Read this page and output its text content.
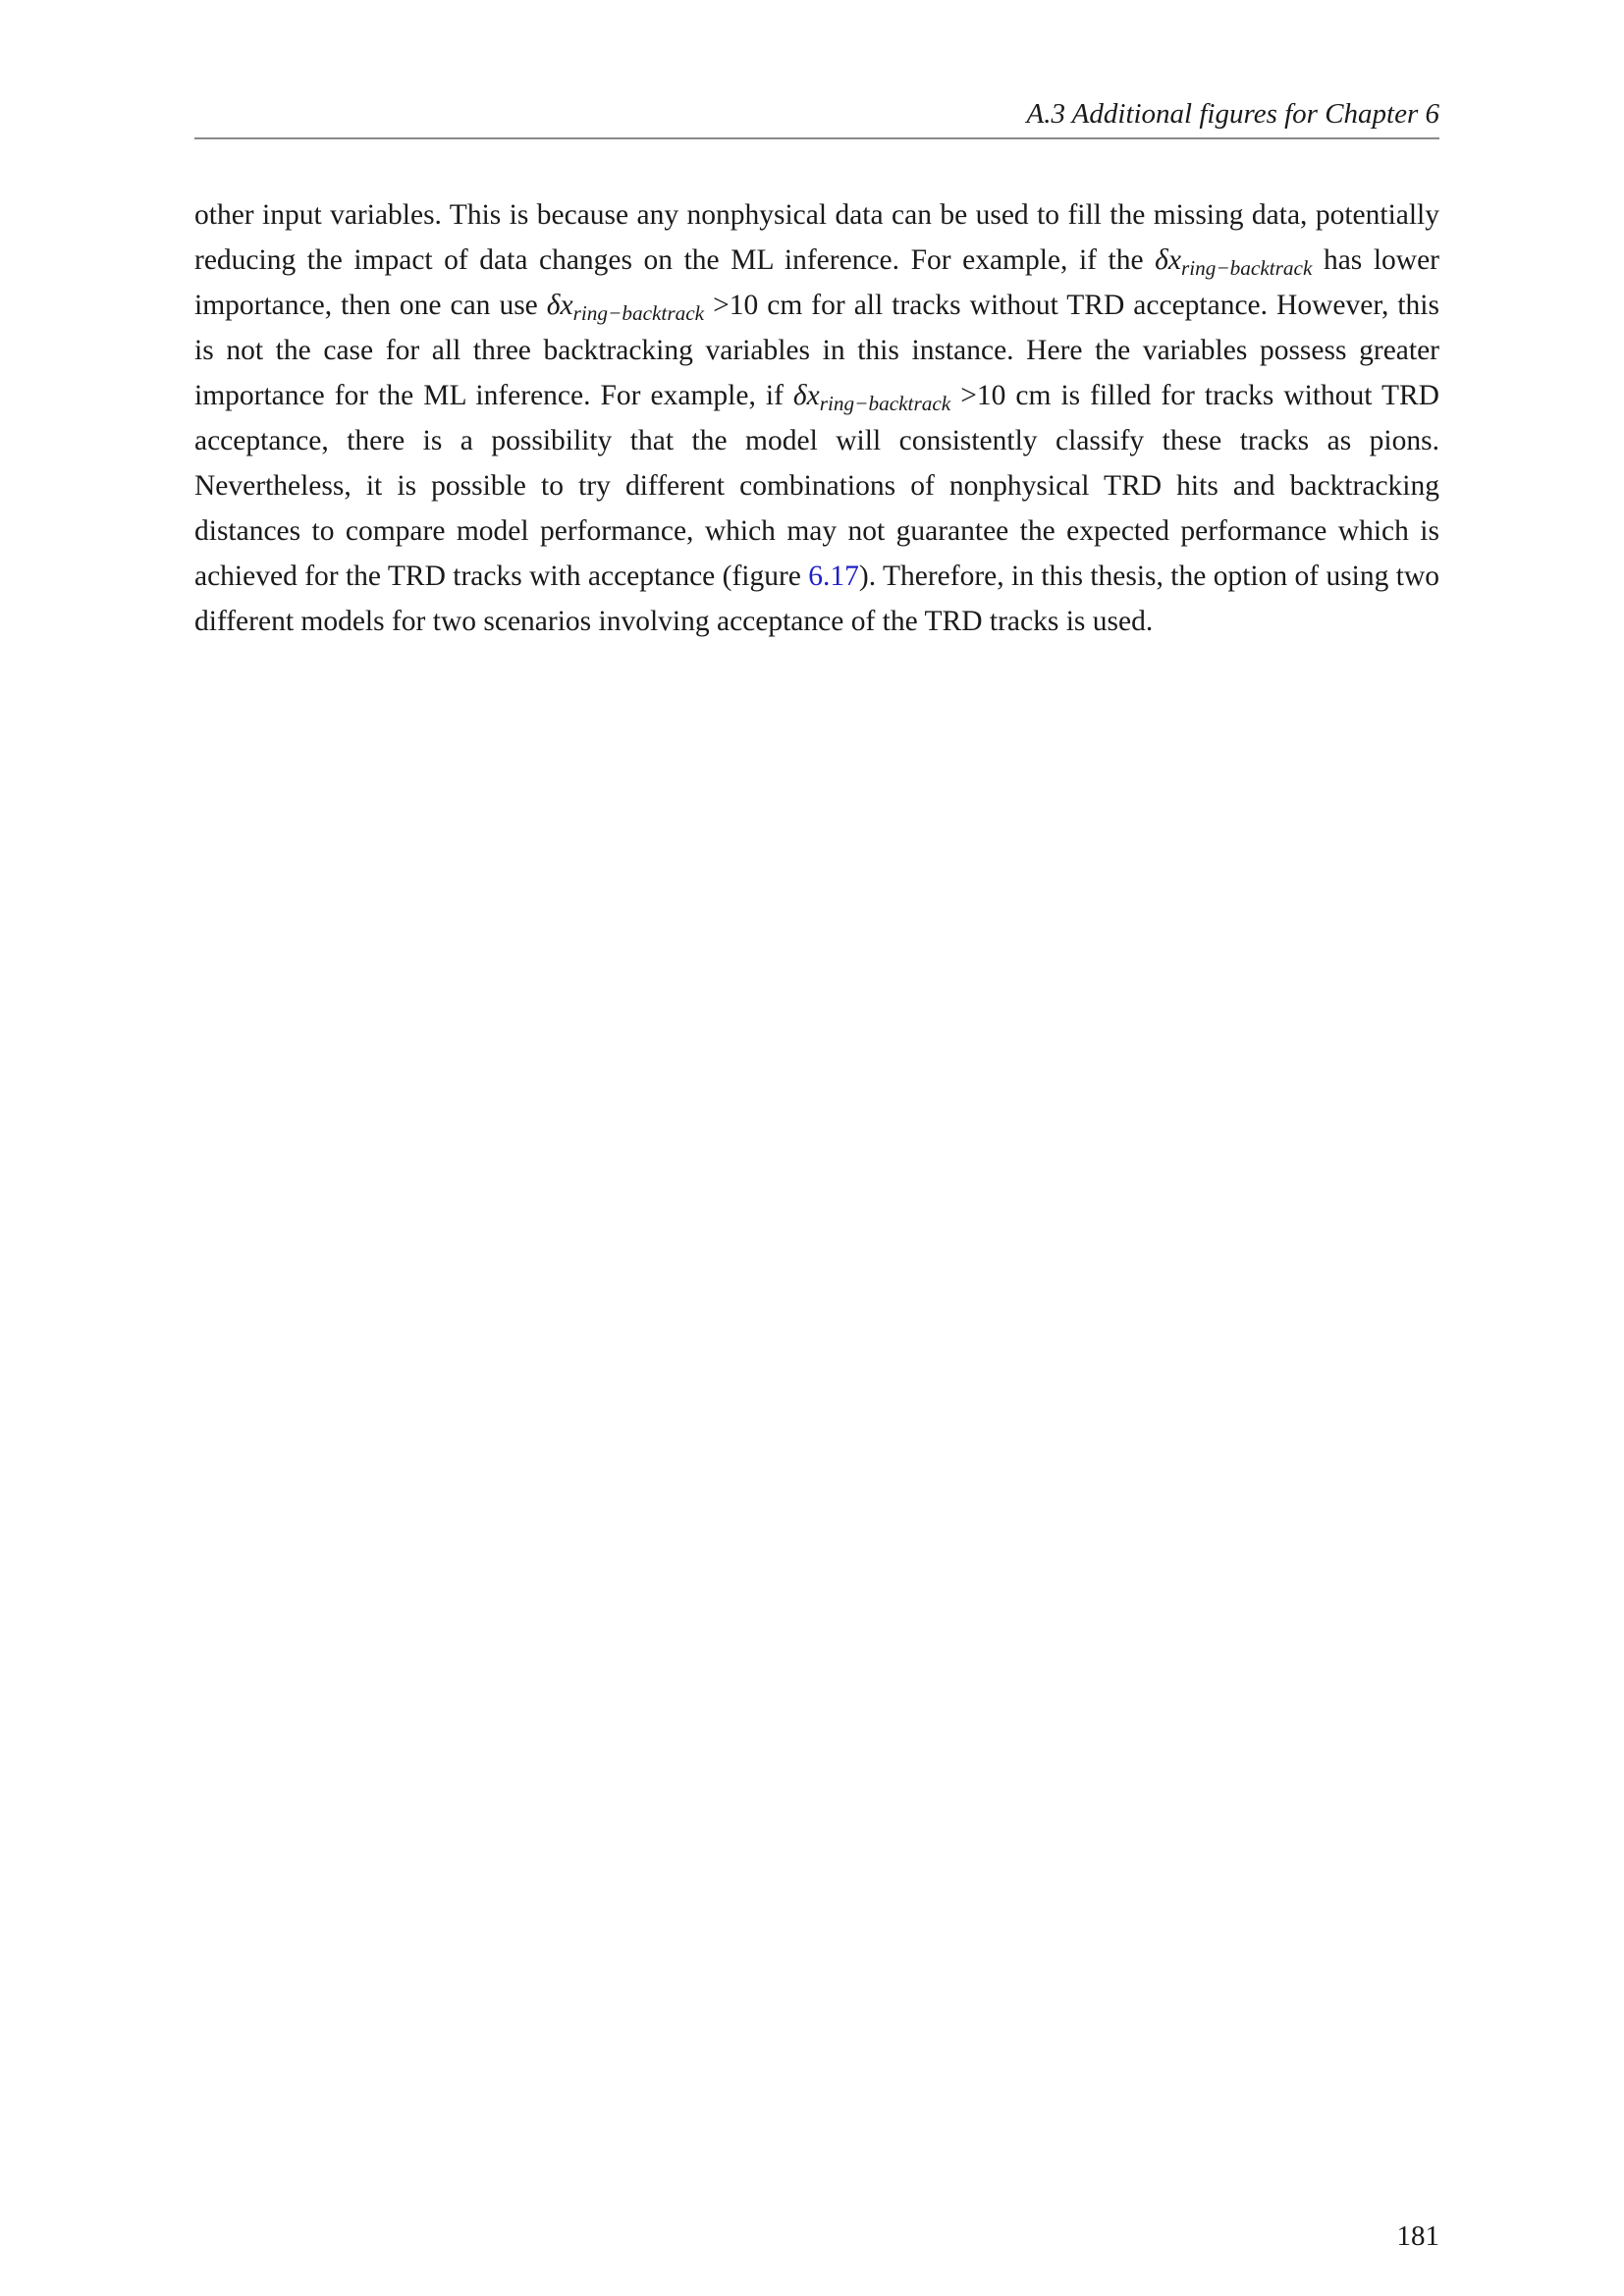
A.3 Additional figures for Chapter 6

other input variables. This is because any nonphysical data can be used to fill the missing data, potentially reducing the impact of data changes on the ML inference. For example, if the $\delta x_{ring-backtrack}$ has lower importance, then one can use $\delta x_{ring-backtrack} >10$ cm for all tracks without TRD acceptance. However, this is not the case for all three backtracking variables in this instance. Here the variables possess greater importance for the ML inference. For example, if $\delta x_{ring-backtrack} >10$ cm is filled for tracks without TRD acceptance, there is a possibility that the model will consistently classify these tracks as pions. Nevertheless, it is possible to try different combinations of nonphysical TRD hits and backtracking distances to compare model performance, which may not guarantee the expected performance which is achieved for the TRD tracks with acceptance (figure 6.17). Therefore, in this thesis, the option of using two different models for two scenarios involving acceptance of the TRD tracks is used.

181
